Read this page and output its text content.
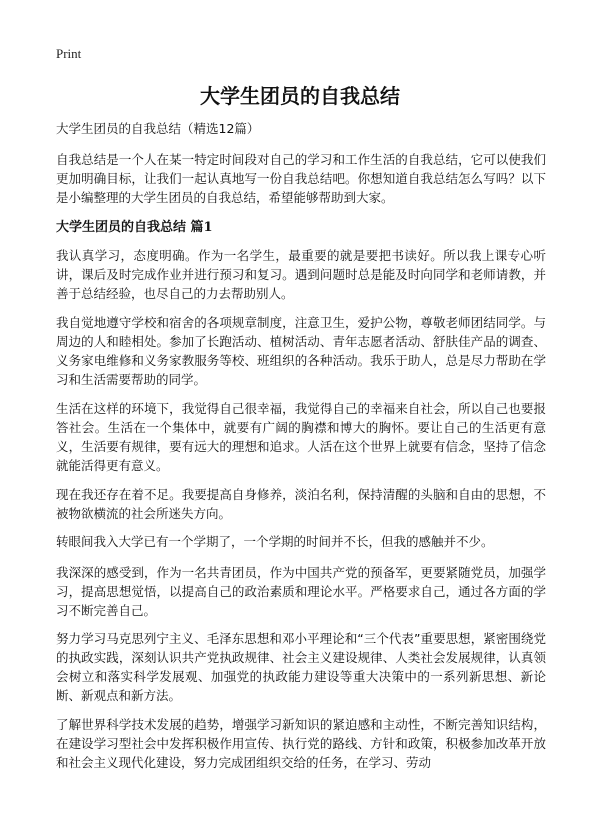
Print
大学生团员的自我总结

大学生团员的自我总结（精选12篇）

自我总结是一个人在某一特定时间段对自己的学习和工作生活的自我总结，它可以使我们更加明确目标，让我们一起认真地写一份自我总结吧。你想知道自我总结怎么写吗？以下是小编整理的大学生团员的自我总结，希望能够帮助到大家。

大学生团员的自我总结 篇1

我认真学习，态度明确。作为一名学生，最重要的就是要把书读好。所以我上课专心听讲，课后及时完成作业并进行预习和复习。遇到问题时总是能及时向同学和老师请教，并善于总结经验，也尽自己的力去帮助别人。

我自觉地遵守学校和宿舍的各项规章制度，注意卫生，爱护公物，尊敬老师团结同学。与周边的人和睦相处。参加了长跑活动、植树活动、青年志愿者活动、舒肤佳产品的调查、义务家电维修和义务家教服务等校、班组织的各种活动。我乐于助人，总是尽力帮助在学习和生活需要帮助的同学。

生活在这样的环境下，我觉得自己很幸福，我觉得自己的幸福来自社会，所以自己也要报答社会。生活在一个集体中，就要有广阔的胸襟和博大的胸怀。要让自己的生活更有意义，生活要有规律，要有远大的理想和追求。人活在这个世界上就要有信念，坚持了信念就能活得更有意义。

现在我还存在着不足。我要提高自身修养，淡泊名利，保持清醒的头脑和自由的思想，不被物欲横流的社会所迷失方向。

转眼间我入大学已有一个学期了，一个学期的时间并不长，但我的感触并不少。

我深深的感受到，作为一名共青团员，作为中国共产党的预备军，更要紧随党员，加强学习，提高思想觉悟，以提高自己的政治素质和理论水平。严格要求自己，通过各方面的学习不断完善自己。

努力学习马克思列宁主义、毛泽东思想和邓小平理论和“三个代表”重要思想，紧密围绕党的执政实践，深刻认识共产党执政规律、社会主义建设规律、人类社会发展规律，认真领会树立和落实科学发展观、加强党的执政能力建设等重大决策中的一系列新思想、新论断、新观点和新方法。

了解世界科学技术发展的趋势，增强学习新知识的紧迫感和主动性，不断完善知识结构，在建设学习型社会中发挥积极作用宣传、执行党的路线、方针和政策，积极参加改革开放和社会主义现代化建设，努力完成团组织交给的任务，在学习、劳动
